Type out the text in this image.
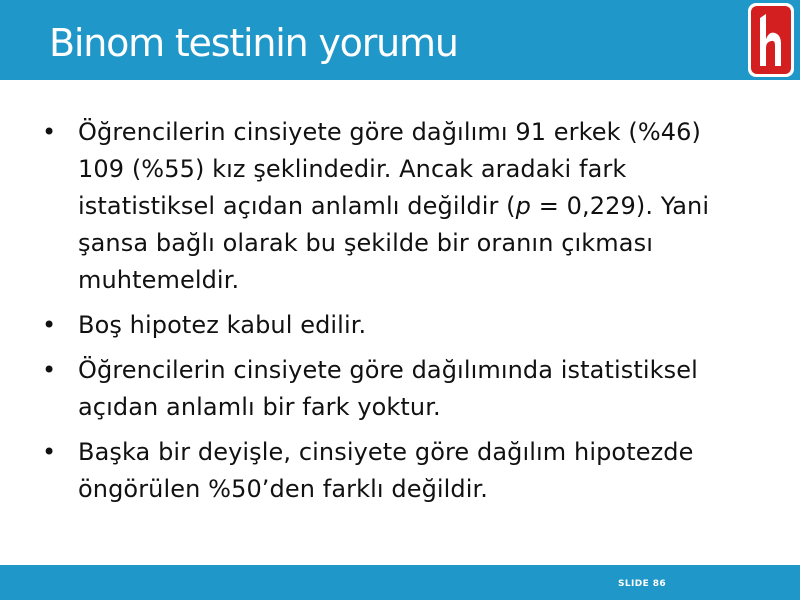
Binom testinin yorumu
• Öğrencilerin cinsiyete göre dağılımı 91 erkek (%46) 109 (%55) kız şeklindedir. Ancak aradaki fark istatistiksel açıdan anlamlı değildir (p = 0,229). Yani şansa bağlı olarak bu şekilde bir oranın çıkması muhtemeldir.
• Boş hipotez kabul edilir.
• Öğrencilerin cinsiyete göre dağılımında istatistiksel açıdan anlamlı bir fark yoktur.
• Başka bir deyişle, cinsiyete göre dağılım hipotezde öngörülen %50’den farklı değildir.
SLIDE 86
